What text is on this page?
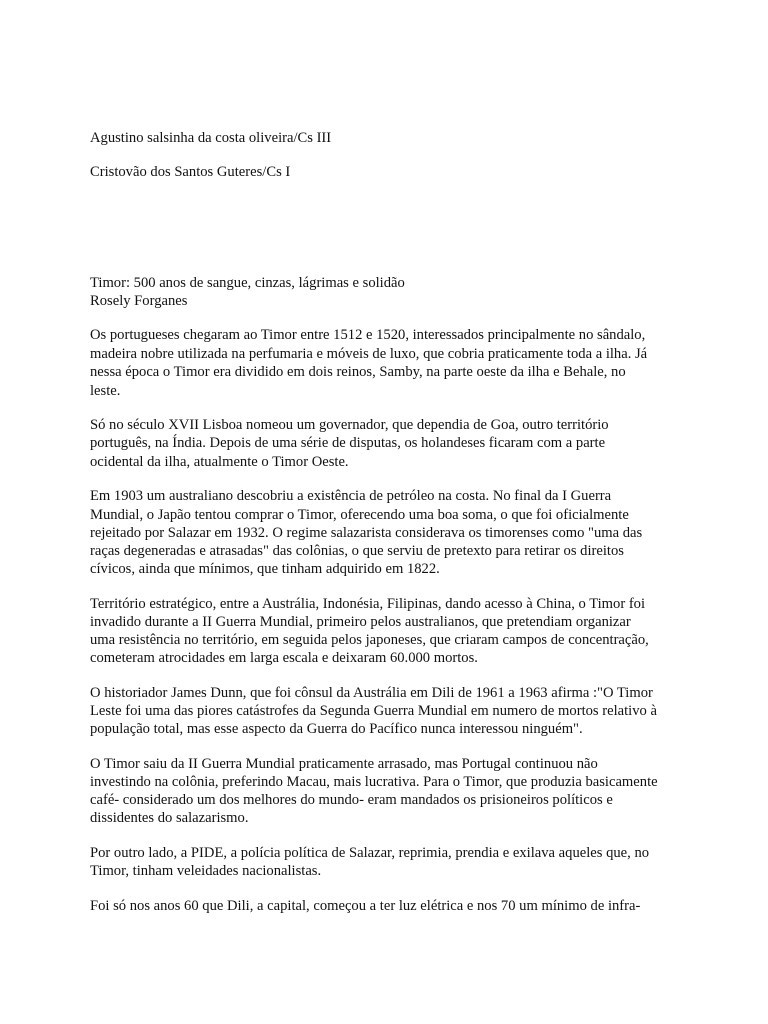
Agustino salsinha da costa oliveira/Cs III

Cristovão dos Santos Guteres/Cs I

Timor: 500 anos de sangue, cinzas, lágrimas e solidão

Rosely Forganes

Os portugueses chegaram ao Timor entre 1512 e 1520, interessados principalmente no sândalo,

madeira nobre utilizada na perfumaria e móveis de luxo, que cobria praticamente toda a ilha. Já

nessa época o Timor era dividido em dois reinos, Samby, na parte oeste da ilha e Behale, no

leste.

Só no século XVII Lisboa nomeou um governador, que dependia de Goa, outro território

português, na Índia. Depois de uma série de disputas, os holandeses ficaram com a parte

ocidental da ilha, atualmente o Timor Oeste.

Em 1903 um australiano descobriu a existência de petróleo na costa. No final da I Guerra

Mundial, o Japão tentou comprar o Timor, oferecendo uma boa soma, o que foi oficialmente

rejeitado por Salazar em 1932. O regime salazarista considerava os timorenses como "uma das

raças degeneradas e atrasadas" das colônias, o que serviu de pretexto para retirar os direitos

cívicos, ainda que mínimos, que tinham adquirido em 1822.

Território estratégico, entre a Austrália, Indonésia, Filipinas, dando acesso à China, o Timor foi

invadido durante a II Guerra Mundial, primeiro pelos australianos, que pretendiam organizar

uma resistência no território, em seguida pelos japoneses, que criaram campos de concentração,

cometeram atrocidades em larga escala e deixaram 60.000 mortos.

O historiador James Dunn, que foi cônsul da Austrália em Dili de 1961 a 1963 afirma :"O Timor

Leste foi uma das piores catástrofes da Segunda Guerra Mundial em numero de mortos relativo à

população total, mas esse aspecto da Guerra do Pacífico nunca interessou ninguém".

O Timor saiu da II Guerra Mundial praticamente arrasado, mas Portugal continuou não

investindo na colônia, preferindo Macau, mais lucrativa. Para o Timor, que produzia basicamente

café- considerado um dos melhores do mundo- eram mandados os prisioneiros políticos e

dissidentes do salazarismo.

Por outro lado, a PIDE, a polícia política de Salazar, reprimia, prendia e exilava aqueles que, no

Timor, tinham veleidades nacionalistas.

Foi só nos anos 60 que Dili, a capital, começou a ter luz elétrica e nos 70 um mínimo de infra-
